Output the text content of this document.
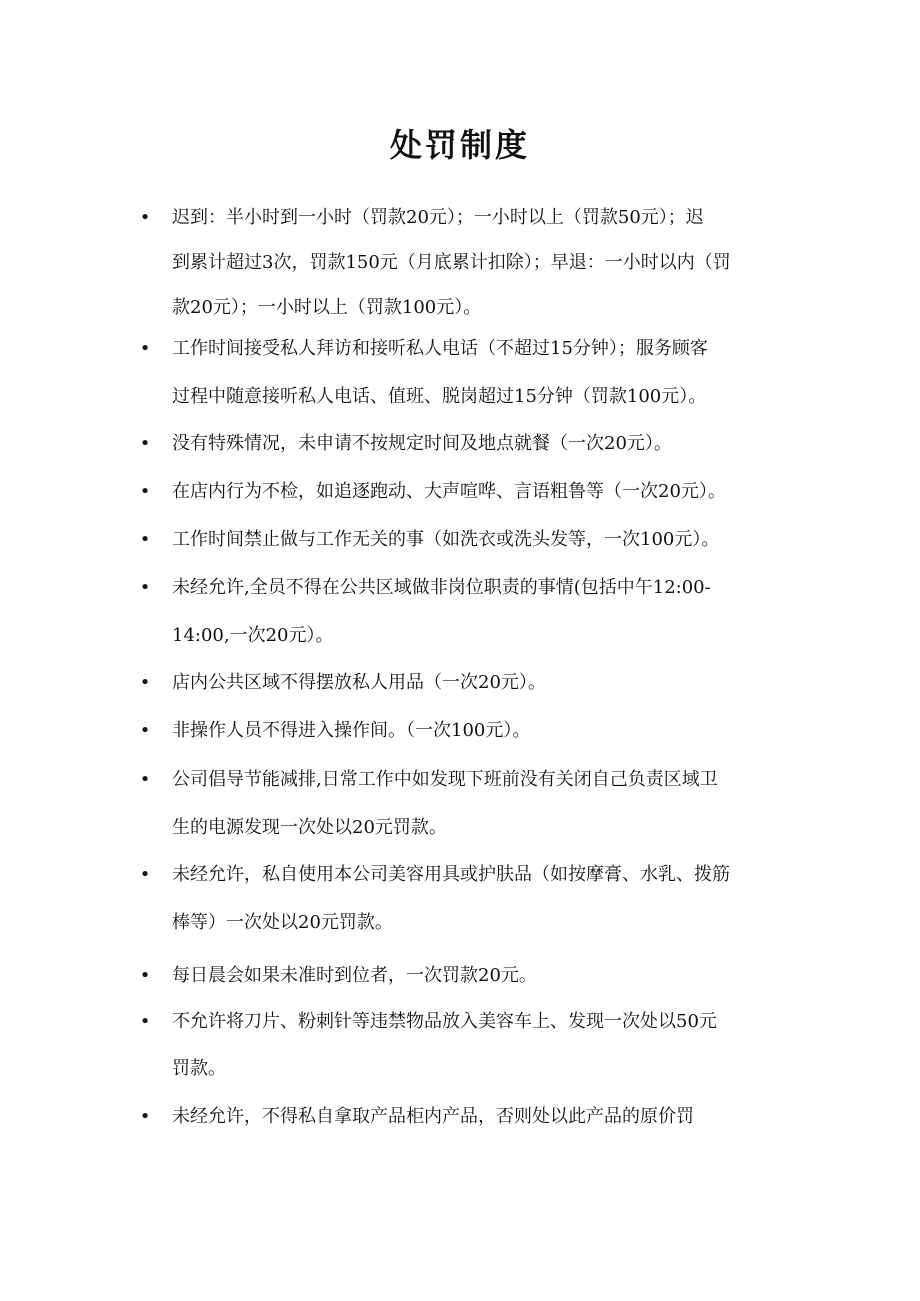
处罚制度
• 迟到：半小时到一小时（罚款20元）；一小时以上（罚款50元）；迟
到累计超过3次，罚款150元（月底累计扣除）；早退：一小时以内（罚
款20元）；一小时以上（罚款100元）。
• 工作时间接受私人拜访和接听私人电话（不超过15分钟）；服务顾客
过程中随意接听私人电话、值班、脱岗超过15分钟（罚款100元）。
• 没有特殊情况，未申请不按规定时间及地点就餐（一次20元）。
• 在店内行为不检，如追逐跑动、大声喧哗、言语粗鲁等（一次20元）。
• 工作时间禁止做与工作无关的事（如洗衣或洗头发等，一次100元）。
• 未经允许,全员不得在公共区域做非岗位职责的事情(包括中午12:00-
14:00,一次20元）。
• 店内公共区域不得摆放私人用品（一次20元）。
• 非操作人员不得进入操作间。（一次100元）。
• 公司倡导节能减排,日常工作中如发现下班前没有关闭自己负责区域卫
生的电源发现一次处以20元罚款。
• 未经允许，私自使用本公司美容用具或护肤品（如按摩膏、水乳、拨筋
棒等）一次处以20元罚款。
• 每日晨会如果未准时到位者，一次罚款20元。
• 不允许将刀片、粉刺针等违禁物品放入美容车上、发现一次处以50元
罚款。
• 未经允许，不得私自拿取产品柜内产品，否则处以此产品的原价罚
